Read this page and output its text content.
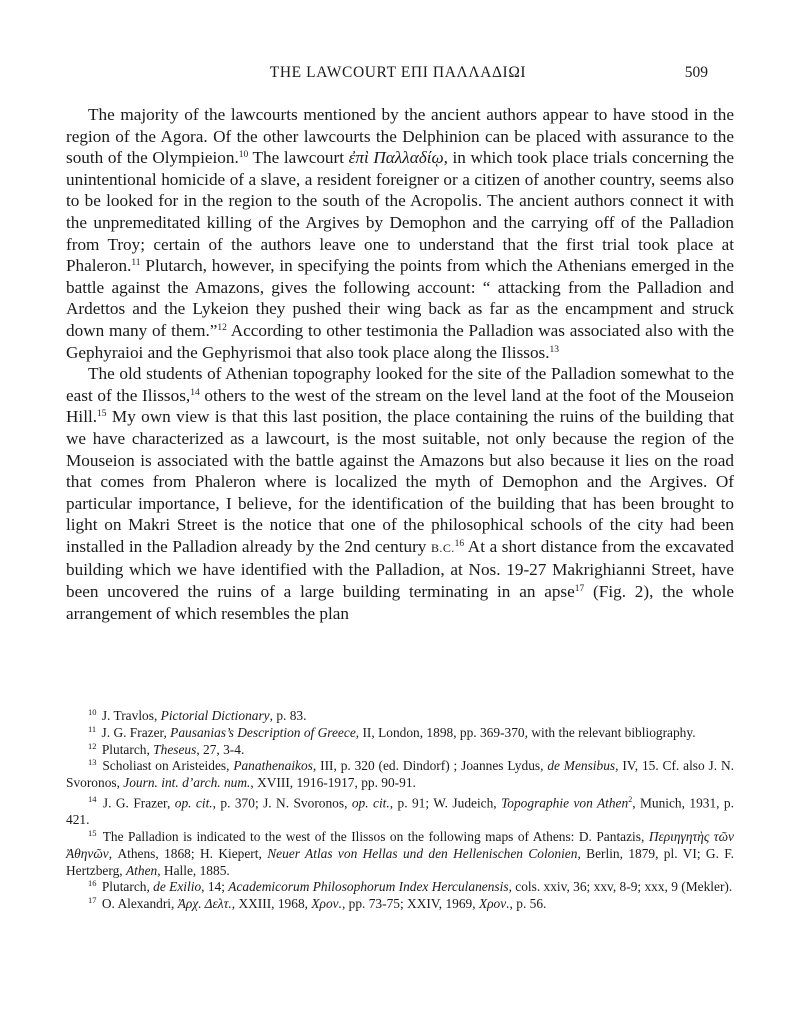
THE LAWCOURT ΕΠΙ ΠΑΛΛΑΔΙΩΙ	509

The majority of the lawcourts mentioned by the ancient authors appear to have stood in the region of the Agora. Of the other lawcourts the Delphinion can be placed with assurance to the south of the Olympieion.$^{10}$ The lawcourt ἐπὶ Παλλαδίῳ, in which took place trials concerning the unintentional homicide of a slave, a resident foreigner or a citizen of another country, seems also to be looked for in the region to the south of the Acropolis. The ancient authors connect it with the unpremeditated killing of the Argives by Demophon and the carrying off of the Palladion from Troy; certain of the authors leave one to understand that the first trial took place at Phaleron.$^{11}$ Plutarch, however, in specifying the points from which the Athenians emerged in the battle against the Amazons, gives the following account: “ attacking from the Palladion and Ardettos and the Lykeion they pushed their wing back as far as the encampment and struck down many of them.”$^{12}$ According to other testimonia the Palladion was associated also with the Gephyraioi and the Gephyrismoi that also took place along the Ilissos.$^{13}$

The old students of Athenian topography looked for the site of the Palladion somewhat to the east of the Ilissos,$^{14}$ others to the west of the stream on the level land at the foot of the Mouseion Hill.$^{15}$ My own view is that this last position, the place containing the ruins of the building that we have characterized as a lawcourt, is the most suitable, not only because the region of the Mouseion is associated with the battle against the Amazons but also because it lies on the road that comes from Phaleron where is localized the myth of Demophon and the Argives. Of particular importance, I believe, for the identification of the building that has been brought to light on Makri Street is the notice that one of the philosophical schools of the city had been installed in the Palladion already by the 2nd century B.C.$^{16}$ At a short distance from the excavated building which we have identified with the Palladion, at Nos. 19-27 Makrighianni Street, have been uncovered the ruins of a large building terminating in an apse$^{17}$ (Fig. 2), the whole arrangement of which resembles the plan

$^{10}$ J. Travlos, Pictorial Dictionary, p. 83.

$^{11}$ J. G. Frazer, Pausanias’s Description of Greece, II, London, 1898, pp. 369-370, with the relevant bibliography.

$^{12}$ Plutarch, Theseus, 27, 3-4.

$^{13}$ Scholiast on Aristeides, Panathenaikos, III, p. 320 (ed. Dindorf) ; Joannes Lydus, de Mensibus, IV, 15. Cf. also J. N. Svoronos, Journ. int. d’arch. num., XVIII, 1916-1917, pp. 90-91.

$^{14}$ J. G. Frazer, op. cit., p. 370; J. N. Svoronos, op. cit., p. 91; W. Judeich, Topographie von Athen$^2$, Munich, 1931, p. 421.

$^{15}$ The Palladion is indicated to the west of the Ilissos on the following maps of Athens: D. Pantazis, Περιηγητὴς τῶν Ἀθηνῶν, Athens, 1868; H. Kiepert, Neuer Atlas von Hellas und den Hellenischen Colonien, Berlin, 1879, pl. VI; G. F. Hertzberg, Athen, Halle, 1885.

$^{16}$ Plutarch, de Exilio, 14; Academicorum Philosophorum Index Herculanensis, cols. xxiv, 36; xxv, 8-9; xxx, 9 (Mekler).

$^{17}$ O. Alexandri, Ἀρχ. Δελτ., XXIII, 1968, Χρον., pp. 73-75; XXIV, 1969, Χρον., p. 56.
